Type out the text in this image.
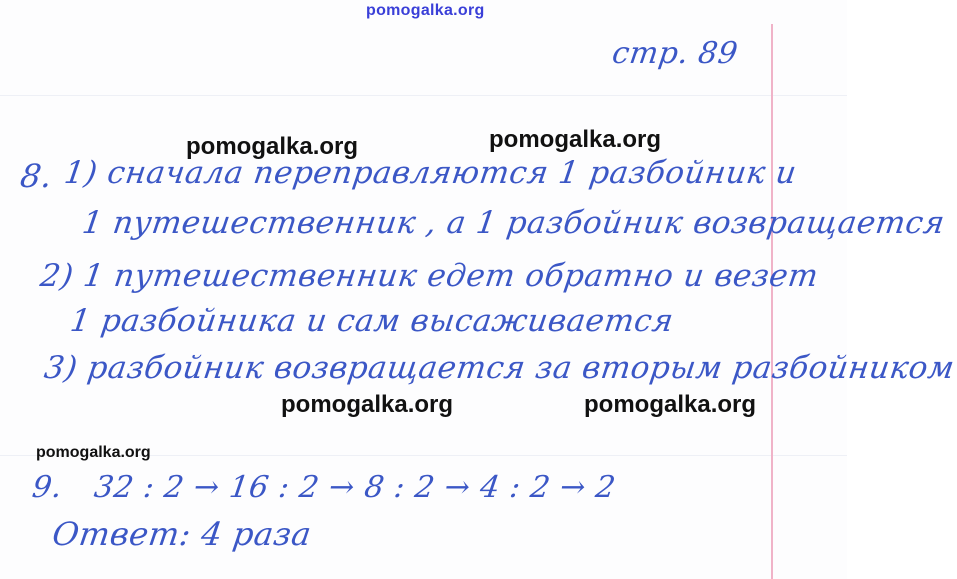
pomogalka.org
стр. 89
8. 1) сначала переправляются 1 разбойник и
1 путешественник , а 1 разбойник возвращается
2) 1 путешественник едет обратно и везет
1 разбойника и сам высаживается
3) разбойник возвращается за вторым разбойником
9. 32 : 2 → 16 : 2 → 8 : 2 → 4 : 2 → 2
Ответ: 4 раза
pomogalka.org	pomogalka.org
pomogalka.org	pomogalka.org
pomogalka.org
